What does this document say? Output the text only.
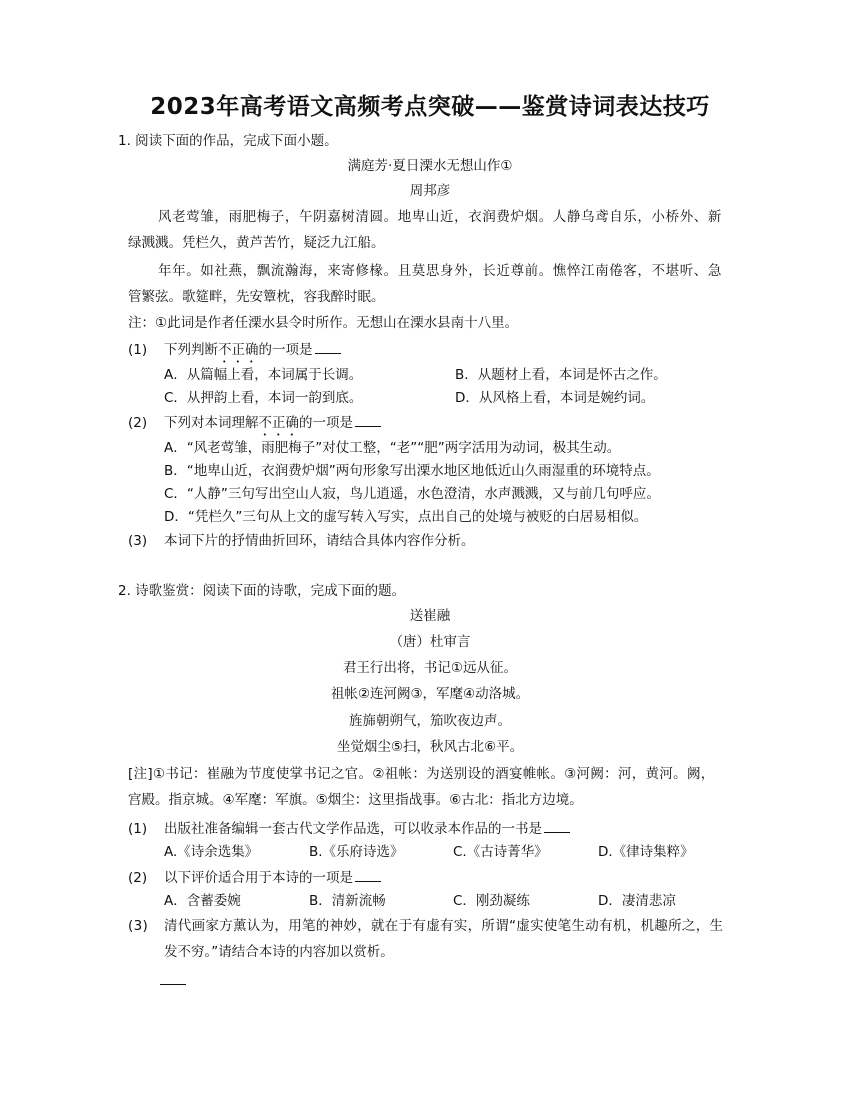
2023年高考语文高频考点突破——鉴赏诗词表达技巧
1. 阅读下面的作品，完成下面小题。
满庭芳·夏日溧水无想山作①
周邦彦
风老莺雏，雨肥梅子，午阴嘉树清圆。地卑山近，衣润费炉烟。人静乌鸢自乐，小桥外、新
绿溅溅。凭栏久，黄芦苦竹，疑泛九江船。
年年。如社燕，飘流瀚海，来寄修椽。且莫思身外，长近尊前。憔悴江南倦客，不堪听、急
管繁弦。歌筵畔，先安簟枕，容我醉时眠。
注：①此词是作者任溧水县令时所作。无想山在溧水县南十八里。
(1) 下列判断不正确的一项是
A．从篇幅上看，本词属于长调。	B．从题材上看，本词是怀古之作。
C．从押韵上看，本词一韵到底。	D．从风格上看，本词是婉约词。
(2) 下列对本词理解不正确的一项是
A．“风老莺雏，雨肥梅子”对仗工整，“老”“肥”两字活用为动词，极其生动。
B．“地卑山近，衣润费炉烟”两句形象写出溧水地区地低近山久雨湿重的环境特点。
C．“人静”三句写出空山人寂，鸟儿逍遥，水色澄清，水声溅溅，又与前几句呼应。
D．“凭栏久”三句从上文的虚写转入写实，点出自己的处境与被贬的白居易相似。
(3) 本词下片的抒情曲折回环，请结合具体内容作分析。
2. 诗歌鉴赏：阅读下面的诗歌，完成下面的题。
送崔融
（唐）杜审言
君王行出将，书记①远从征。
祖帐②连河阙③，军麾④动洛城。
旌旆朝朔气，笳吹夜边声。
坐觉烟尘⑤扫，秋风古北⑥平。
[注]①书记：崔融为节度使掌书记之官。②祖帐：为送别设的酒宴帷帐。③河阙：河，黄河。阙，
宫殿。指京城。④军麾：军旗。⑤烟尘：这里指战事。⑥古北：指北方边境。
(1) 出版社准备编辑一套古代文学作品选，可以收录本作品的一书是
A.《诗余选集》	B.《乐府诗选》	C.《古诗菁华》	D.《律诗集粹》
(2) 以下评价适合用于本诗的一项是
A．含蓄委婉	B．清新流畅	C．刚劲凝练	D．凄清悲凉
(3) 清代画家方薰认为，用笔的神妙，就在于有虚有实，所谓“虚实使笔生动有机，机趣所之，生
发不穷。”请结合本诗的内容加以赏析。
